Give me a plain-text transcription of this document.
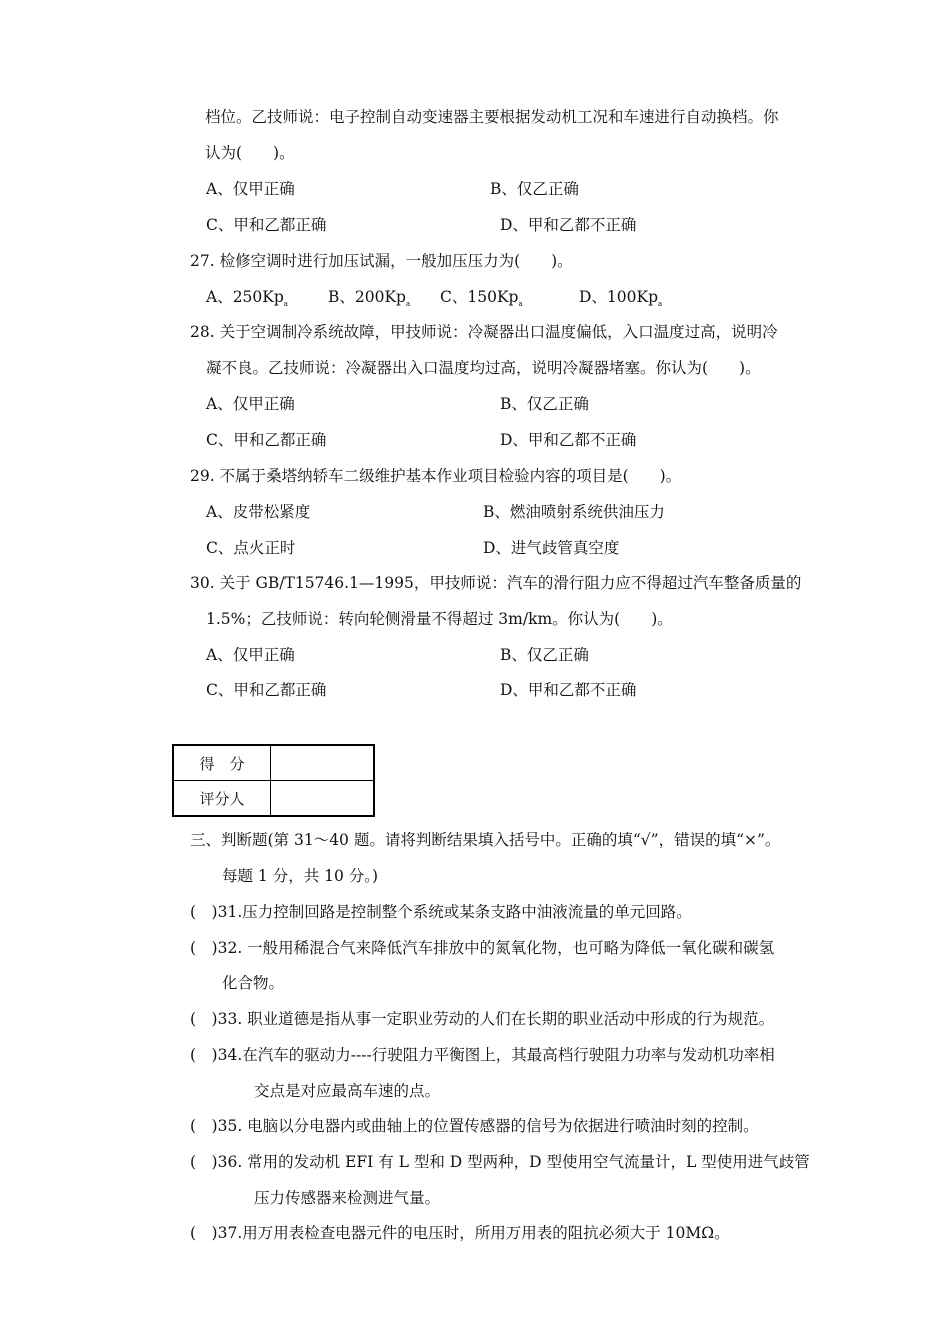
档位。乙技师说：电子控制自动变速器主要根据发动机工况和车速进行自动换档。你
认为(　　)。
A、仅甲正确	B、仅乙正确
C、甲和乙都正确	D、甲和乙都不正确
27. 检修空调时进行加压试漏，一般加压压力为(　　)。
A、$250Kp_a$	B、$200Kp_a$ C、$150Kp_a$	D、$100Kp_a$
28. 关于空调制冷系统故障，甲技师说：冷凝器出口温度偏低，入口温度过高，说明冷
凝不良。乙技师说：冷凝器出入口温度均过高，说明冷凝器堵塞。你认为(　　)。
A、仅甲正确	B、仅乙正确
C、甲和乙都正确	D、甲和乙都不正确
29. 不属于桑塔纳轿车二级维护基本作业项目检验内容的项目是(　　)。
A、皮带松紧度	B、燃油喷射系统供油压力
C、点火正时	D、进气歧管真空度
30. 关于 GB/T15746.1—1995，甲技师说：汽车的滑行阻力应不得超过汽车整备质量的
1.5%；乙技师说：转向轮侧滑量不得超过 3m/km。你认为(　　)。
A、仅甲正确	B、仅乙正确
C、甲和乙都正确	D、甲和乙都不正确
得　分	
评分人	
三、判断题(第 31～40 题。请将判断结果填入括号中。正确的填“√”，错误的填“×”。
每题 1 分，共 10 分。)
(　)31.压力控制回路是控制整个系统或某条支路中油液流量的单元回路。
(　)32. 一般用稀混合气来降低汽车排放中的氮氧化物，也可略为降低一氧化碳和碳氢
化合物。
(　)33. 职业道德是指从事一定职业劳动的人们在长期的职业活动中形成的行为规范。
(　)34.在汽车的驱动力----行驶阻力平衡图上，其最高档行驶阻力功率与发动机功率相
交点是对应最高车速的点。
(　)35. 电脑以分电器内或曲轴上的位置传感器的信号为依据进行喷油时刻的控制。
(　)36. 常用的发动机 EFI 有 L 型和 D 型两种，D 型使用空气流量计，L 型使用进气歧管
压力传感器来检测进气量。
(　)37.用万用表检查电器元件的电压时，所用万用表的阻抗必须大于 10MΩ。
